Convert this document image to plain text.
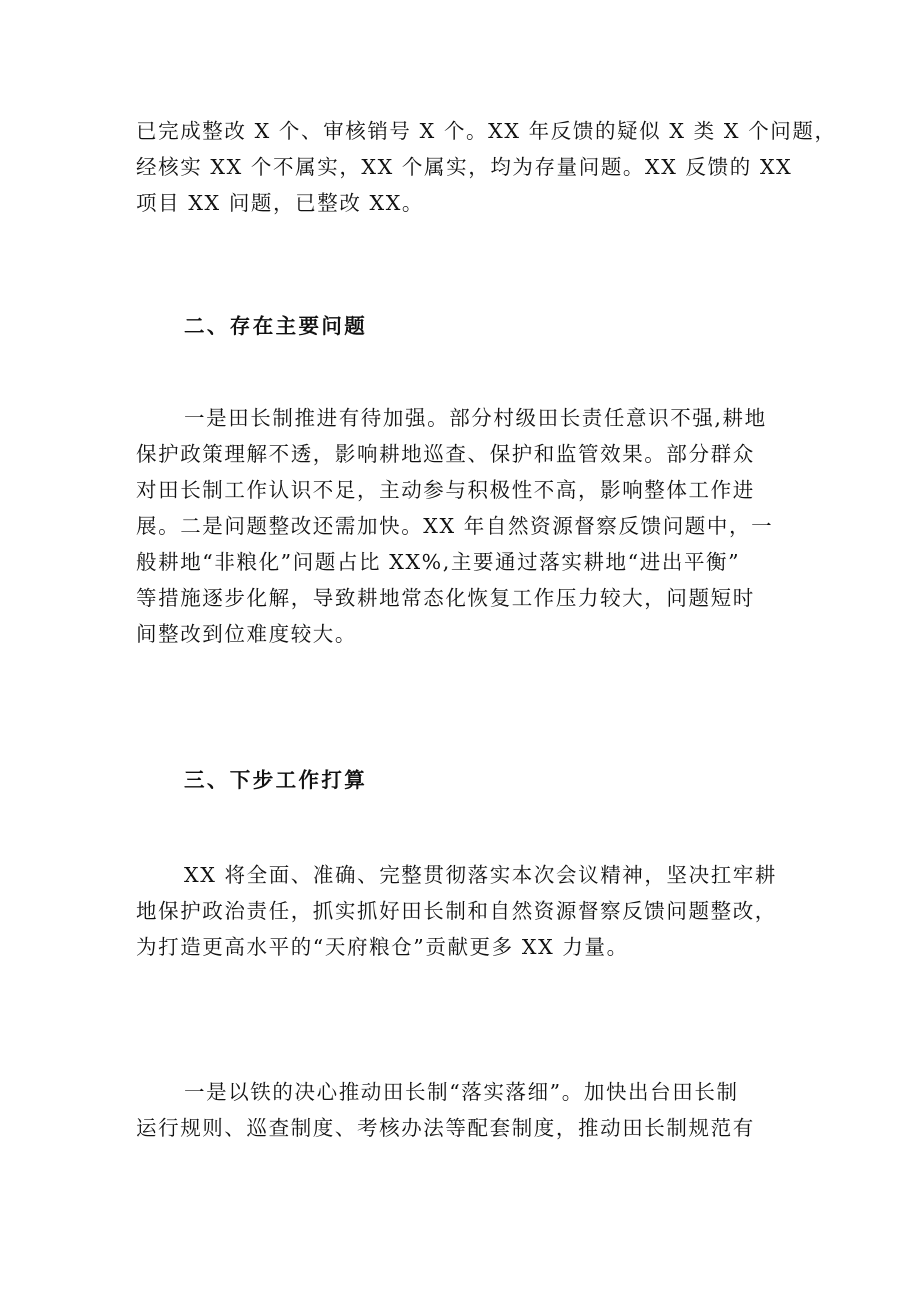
已完成整改 X 个、审核销号 X 个。XX 年反馈的疑似 X 类 X 个问题，
经核实 XX 个不属实，XX 个属实，均为存量问题。XX 反馈的 XX
项目 XX 问题，已整改 XX。
二、存在主要问题
一是田长制推进有待加强。部分村级田长责任意识不强,耕地
保护政策理解不透，影响耕地巡查、保护和监管效果。部分群众
对田长制工作认识不足，主动参与积极性不高，影响整体工作进
展。二是问题整改还需加快。XX 年自然资源督察反馈问题中，一
般耕地“非粮化”问题占比 XX%,主要通过落实耕地“进出平衡”
等措施逐步化解，导致耕地常态化恢复工作压力较大，问题短时
间整改到位难度较大。
三、下步工作打算
XX 将全面、准确、完整贯彻落实本次会议精神，坚决扛牢耕
地保护政治责任，抓实抓好田长制和自然资源督察反馈问题整改，
为打造更高水平的“天府粮仓”贡献更多 XX 力量。
一是以铁的决心推动田长制“落实落细”。加快出台田长制
运行规则、巡查制度、考核办法等配套制度，推动田长制规范有
